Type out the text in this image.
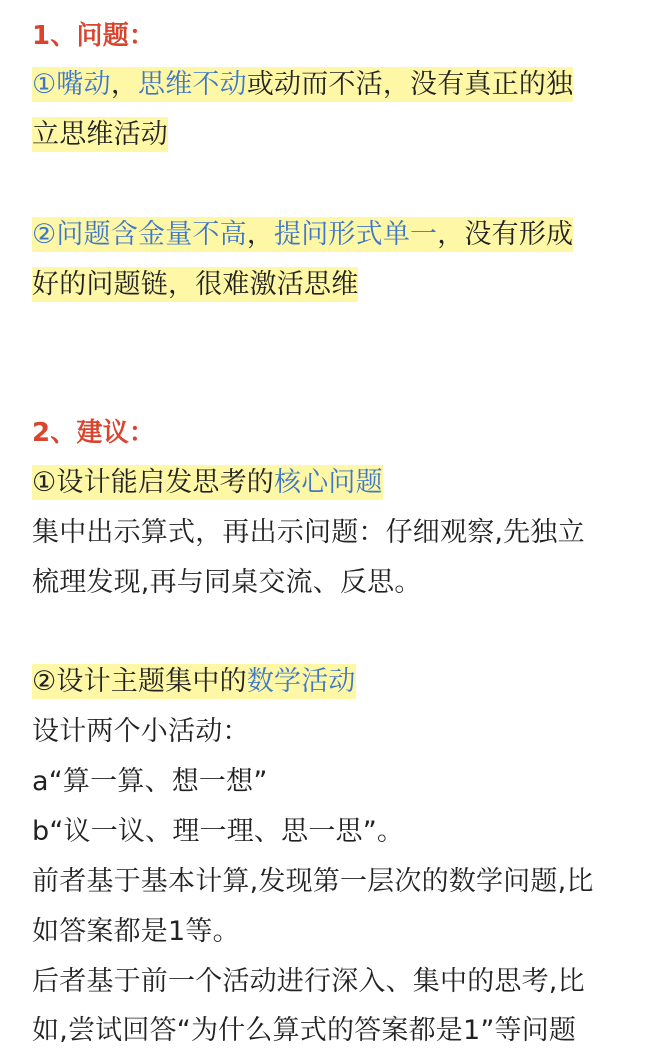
1、问题：
①嘴动，思维不动或动而不活，没有真正的独
立思维活动
②问题含金量不高，提问形式单一，没有形成
好的问题链，很难激活思维
2、建议：
①设计能启发思考的核心问题
集中出示算式，再出示问题：仔细观察,先独立
梳理发现,再与同桌交流、反思。
②设计主题集中的数学活动
设计两个小活动：
a“算一算、想一想”
b“议一议、理一理、思一思”。
前者基于基本计算,发现第一层次的数学问题,比
如答案都是1等。
后者基于前一个活动进行深入、集中的思考,比
如,尝试回答“为什么算式的答案都是1”等问题
